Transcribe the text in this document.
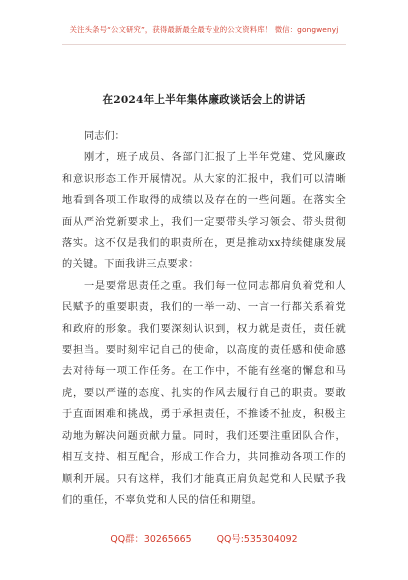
关注头条号“公文研究”，获得最新最全最专业的公文资料库！ 微信：gongwenyj
在2024年上半年集体廉政谈话会上的讲话

同志们：

刚才，班子成员、各部门汇报了上半年党建、党风廉政和意识形态工作开展情况。从大家的汇报中，我们可以清晰地看到各项工作取得的成绩以及存在的一些问题。在落实全面从严治党新要求上，我们一定要带头学习领会、带头贯彻落实。这不仅是我们的职责所在，更是推动xx持续健康发展的关键。下面我讲三点要求：

一是要常思责任之重。我们每一位同志都肩负着党和人民赋予的重要职责，我们的一举一动、一言一行都关系着党和政府的形象。我们要深刻认识到，权力就是责任，责任就要担当。要时刻牢记自己的使命，以高度的责任感和使命感去对待每一项工作任务。在工作中，不能有丝毫的懈怠和马虎，要以严谨的态度、扎实的作风去履行自己的职责。要敢于直面困难和挑战，勇于承担责任，不推诿不扯皮，积极主动地为解决问题贡献力量。同时，我们还要注重团队合作，相互支持、相互配合，形成工作合力，共同推动各项工作的顺利开展。只有这样，我们才能真正肩负起党和人民赋予我们的重任，不辜负党和人民的信任和期望。

QQ群：30265665	QQ号:535304092
